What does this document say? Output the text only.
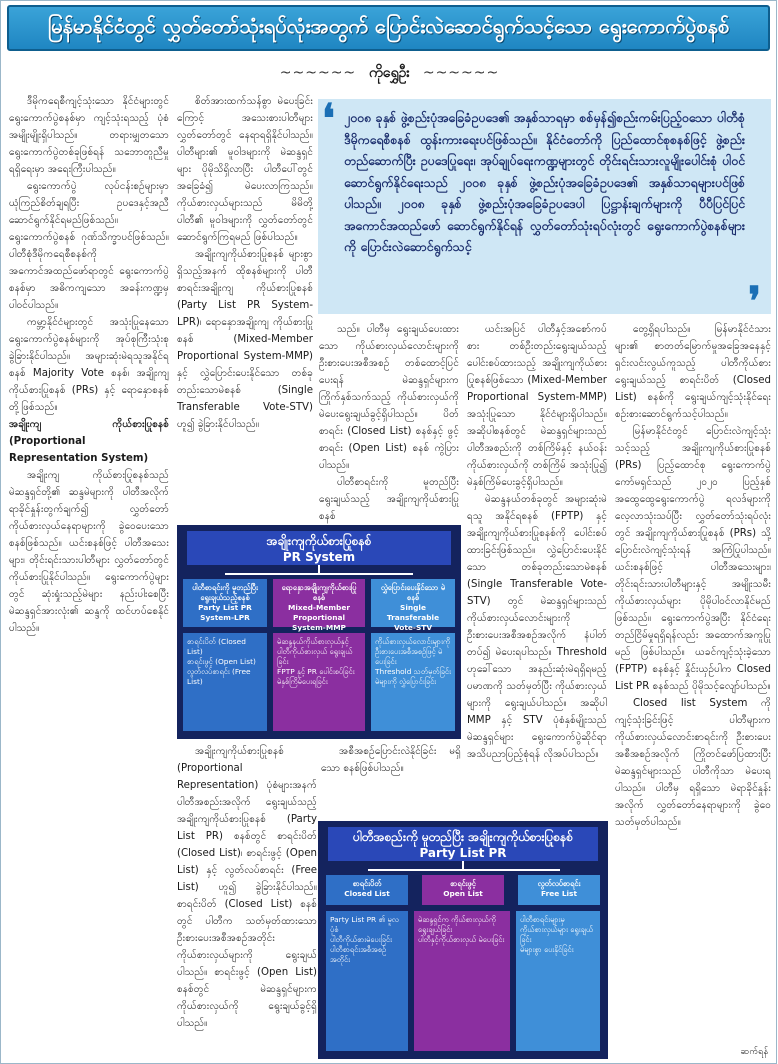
မြန်မာနိုင်ငံတွင် လွှတ်တော်သုံးရပ်လုံးအတွက် ပြောင်းလဲဆောင်ရွက်သင့်သော ရွေးကောက်ပွဲစနစ်
~~~~~~ ကိုရွှေဦး ~~~~~~

ဒီမိုကရေစီကျင့်သုံးသော နိုင်ငံများတွင် ရွေးကောက်ပွဲစနစ်မှာ ကျင့်သုံးရသည့် ပုံစံအမျိုးမျိုးရှိပါသည်။ တရားမျှတသော ရွေးကောက်ပွဲတစ်ခုဖြစ်ရန် သဘောတူညီမှုရရှိရေးမှာ အရေးကြီးပါသည်။

ရွေးကောက်ပွဲ လုပ်ငန်းစဉ်များမှာ ယုံကြည်စိတ်ချရပြီး ဥပဒေနှင့်အညီ ဆောင်ရွက်နိုင်ရမည်ဖြစ်သည်။ ရွေးကောက်ပွဲစနစ် ဂုဏ်သိက္ခာပင်ဖြစ်သည်။ ပါတီစုံဒီမိုကရေစီစနစ်ကို အကောင်အထည်ဖော်ရာတွင် ရွေးကောက်ပွဲစနစ်မှာ အဓိကကျသော အခန်းကဏ္ဍမှ ပါဝင်ပါသည်။

ကမ္ဘာ့နိုင်ငံများတွင် အသုံးပြုနေသော ရွေးကောက်ပွဲစနစ်များကို အုပ်စုကြီးသုံးစုခွဲခြားနိုင်ပါသည်။ အများဆုံးမဲရသူအနိုင်ရစနစ် Majority Vote စနစ်၊ အချိုးကျကိုယ်စားပြုစနစ် (PRs) နှင့် ရောနှောစနစ်တို့ဖြစ်သည်။

အချိုးကျ ကိုယ်စားပြုစနစ် (Proportional Representation System)

အချိုးကျ ကိုယ်စားပြုစနစ်သည် မဲဆန္ဒရှင်တို့၏ ဆန္ဒမဲများကို ပါတီအလိုက် ရာခိုင်နှုန်းတွက်ချက်၍ လွှတ်တော်ကိုယ်စားလှယ်နေရာများကို ခွဲဝေပေးသော စနစ်ဖြစ်သည်။ ယင်းစနစ်ဖြင့် ပါတီအသေးများ၊ တိုင်းရင်းသားပါတီများ လွှတ်တော်တွင် ကိုယ်စားပြုနိုင်ပါသည်။ ရွေးကောက်ပွဲများတွင် ဆုံးရှုံးသည့်မဲများ နည်းပါးစေပြီး မဲဆန္ဒရှင်အားလုံး၏ ဆန္ဒကို ထင်ဟပ်စေနိုင်ပါသည်။

စိတ်အားထက်သန်စွာ မဲပေးခြင်းကြောင့် အသေးစားပါတီများ လွှတ်တော်တွင် နေရာရရှိနိုင်ပါသည်။ ပါတီများ၏ မူဝါဒများကို မဲဆန္ဒရှင်များ ပိုမိုသိရှိလာပြီး ပါတီပေါ်တွင် အခြေခံ၍ မဲပေးလာကြသည်။ ကိုယ်စားလှယ်များသည် မိမိတို့ပါတီ၏ မူဝါဒများကို လွှတ်တော်တွင် ဆောင်ရွက်ကြရမည် ဖြစ်ပါသည်။

အချိုးကျကိုယ်စားပြုစနစ် များစွာရှိသည့်အနက် ထိုစနစ်များကို ပါတီစာရင်းအချိုးကျ ကိုယ်စားပြုစနစ် (Party List PR System-LPR)၊ ရောနှောအချိုးကျ ကိုယ်စားပြုစနစ် (Mixed-Member Proportional System-MMP) နှင့် လွှဲပြောင်းပေးနိုင်သော တစ်ခုတည်းသောမဲစနစ် (Single Transferable Vote-STV) ဟူ၍ ခွဲခြားနိုင်ပါသည်။

❛ ၂၀၀၈ ခုနှစ် ဖွဲ့စည်းပုံအခြေခံဥပဒေ၏ အနှစ်သာရမှာ စစ်မှန်၍စည်းကမ်းပြည့်ဝသော ပါတီစုံဒီမိုကရေစီစနစ် ထွန်းကားရေးပင်ဖြစ်သည်။ နိုင်ငံတော်ကို ပြည်ထောင်စုစနစ်ဖြင့် ဖွဲ့စည်းတည်ဆောက်ပြီး ဥပဒေပြုရေး၊ အုပ်ချုပ်ရေးကဏ္ဍများတွင် တိုင်းရင်းသားလူမျိုးပေါင်းစုံ ပါဝင်ဆောင်ရွက်နိုင်ရေးသည် ၂၀၀၈ ခုနှစ် ဖွဲ့စည်းပုံအခြေခံဥပဒေ၏ အနှစ်သာရများပင်ဖြစ်ပါသည်။ ၂၀၀၈ ခုနှစ် ဖွဲ့စည်းပုံအခြေခံဥပဒေပါ ပြဋ္ဌာန်းချက်များကို ပီပီပြင်ပြင် အကောင်အထည်ဖော် ဆောင်ရွက်နိုင်ရန် လွှတ်တော်သုံးရပ်လုံးတွင် ရွေးကောက်ပွဲစနစ်များကို ပြောင်းလဲဆောင်ရွက်သင့်
❜

သည်။ ပါတီမှ ရွေးချယ်ပေးထားသော ကိုယ်စားလှယ်လောင်းများကို ဦးစားပေးအစီအစဉ် တစ်ထောင့်ပြင်ပေးရန် မဲဆန္ဒရှင်များက ကြိုက်နှစ်သက်သည့် ကိုယ်စားလှယ်ကို မဲပေးရွေးချယ်ခွင့်ရှိပါသည်။ ပိတ်စာရင်း (Closed List) စနစ်နှင့် ဖွင့်စာရင်း (Open List) စနစ် ကွဲပြားပါသည်။

ပါတီစာရင်းကို မူတည်ပြီး ရွေးချယ်သည့် အချိုးကျကိုယ်စားပြုစနစ်

ယင်းအပြင် ပါတီနှင့်အစော်ကပ်စား တစ်ဦးတည်းရွေးချယ်သည့် ပေါင်းစပ်ထားသည့် အချိုးကျကိုယ်စားပြုစနစ်ဖြစ်သော (Mixed-Member Proportional System-MMP) အသုံးပြုသော နိုင်ငံများရှိပါသည်။ အဆိုပါစနစ်တွင် မဲဆန္ဒရှင်များသည် ပါတီအစည်းကို တစ်ကြိမ်နှင့် နယ်ဝန်းကိုယ်စားလှယ်ကို တစ်ကြိမ် အသုံးပြု၍ မဲနှစ်ကြိမ်ပေးခွင့်ရှိပါသည်။

မဲဆန္ဒနယ်တစ်ခုတွင် အများဆုံးမဲရသူ အနိုင်ရစနစ် (FPTP) နှင့် အချိုးကျကိုယ်စားပြုစနစ်ကို ပေါင်းစပ်ထားခြင်းဖြစ်သည်။ လွှဲပြောင်းပေးနိုင်သော တစ်ခုတည်းသောမဲစနစ် (Single Transferable Vote-STV) တွင် မဲဆန္ဒရှင်များသည် ကိုယ်စားလှယ်လောင်းများကို ဦးစားပေးအစီအစဉ်အလိုက် နံပါတ်တပ်၍ မဲပေးရပါသည်။ Threshold ဟုခေါ်သော အနည်းဆုံးမဲရရှိရမည့် ပမာဏကို သတ်မှတ်ပြီး ကိုယ်စားလှယ်များကို ရွေးချယ်ပါသည်။ အဆိုပါ MMP နှင့် STV ပုံစံနှစ်မျိုးသည် မဲဆန္ဒရှင်များ ရွေးကောက်ပွဲဆိုင်ရာ အသိပညာပြည့်စုံရန် လိုအပ်ပါသည်။

တွေ့ရှိရပါသည်။ မြန်မာနိုင်ငံသားများ၏ စာတတ်မြောက်မှုအခြေအနေနှင့် ရှင်းလင်းလွယ်ကူသည့် ပါတီကိုယ်စား ရွေးချယ်သည့် စာရင်းပိတ် (Closed List) စနစ်ကို ရွေးချယ်ကျင့်သုံးနိုင်ရေး စဉ်းစားဆောင်ရွက်သင့်ပါသည်။

မြန်မာနိုင်ငံတွင် ပြောင်းလဲကျင့်သုံးသင့်သည့် အချိုးကျကိုယ်စားပြုစနစ် (PRs) ပြည့်ထောင်စု ရွေးကောက်ပွဲကော်မရှင်သည် ၂၀၂၀ ပြည့်နှစ် အထွေထွေရွေးကောက်ပွဲ ရလဒ်များကို လေ့လာသုံးသပ်ပြီး လွှတ်တော်သုံးရပ်လုံးတွင် အချိုးကျကိုယ်စားပြုစနစ် (PRs) သို့ ပြောင်းလဲကျင့်သုံးရန် အကြံပြုပါသည်။ ယင်းစနစ်ဖြင့် ပါတီအသေးများ၊ တိုင်းရင်းသားပါတီများနှင့် အမျိုးသမီးကိုယ်စားလှယ်များ ပိုမိုပါဝင်လာနိုင်မည်ဖြစ်သည်။ ရွေးကောက်ပွဲအပြီး နိုင်ငံရေးတည်ငြိမ်မှုရရှိရန်လည်း အထောက်အကူပြုမည် ဖြစ်ပါသည်။ ယခင်ကျင့်သုံးခဲ့သော (FPTP) စနစ်နှင့် နှိုင်းယှဉ်ပါက Closed List PR စနစ်သည် ပိုမိုသင့်လျော်ပါသည်။

Closed list System ကို ကျင့်သုံးခြင်းဖြင့် ပါတီများက ကိုယ်စားလှယ်လောင်းစာရင်းကို ဦးစားပေးအစီအစဉ်အလိုက် ကြိုတင်ဖော်ပြထားပြီး မဲဆန္ဒရှင်များသည် ပါတီကိုသာ မဲပေးရပါသည်။ ပါတီမှ ရရှိသော မဲရာခိုင်နှုန်းအလိုက် လွှတ်တော်နေရာများကို ခွဲဝေသတ်မှတ်ပါသည်။

အချိုးကျကိုယ်စားပြုစနစ်
PR System
ပါတီစာရင်းကို မူတည်ပြီး ရွေးချယ်သည့်စနစ်
Party List PR System-LPR
ရောနှောအချိုးကျကိုယ်စားပြုစနစ်
Mixed-Member Proportional System-MMP
လွှဲပြောင်းပေးနိုင်သော မဲစနစ်
Single Transferable Vote-STV
စာရင်းပိတ် (Closed List)
စာရင်းဖွင့် (Open List)
လွတ်လပ်စာရင်း (Free List)
မဲဆန္ဒနယ်ကိုယ်စားလှယ်နှင့် ပါတီကိုယ်စားလှယ် ရွေးချယ်ခြင်း
FPTP နှင့် PR ပေါင်းစပ်ခြင်း
မဲနှစ်ကြိမ်ပေးရခြင်း
ကိုယ်စားလှယ်လောင်းများကို ဦးစားပေးအစီအစဉ်ဖြင့် မဲပေးခြင်း
Threshold သတ်မှတ်ခြင်း
မဲများကို လွှဲပြောင်းခြင်း

အချိုးကျကိုယ်စားပြုစနစ် (Proportional Representation) ပုံစံများအနက် ပါတီအစည်းအလိုက် ရွေးချယ်သည့် အချိုးကျကိုယ်စားပြုစနစ် (Party List PR) စနစ်တွင် စာရင်းပိတ် (Closed List)၊ စာရင်းဖွင့် (Open List) နှင့် လွတ်လပ်စာရင်း (Free List) ဟူ၍ ခွဲခြားနိုင်ပါသည်။ စာရင်းပိတ် (Closed List) စနစ်တွင် ပါတီက သတ်မှတ်ထားသော ဦးစားပေးအစီအစဉ်အတိုင်း ကိုယ်စားလှယ်များကို ရွေးချယ်ပါသည်။ စာရင်းဖွင့် (Open List) စနစ်တွင် မဲဆန္ဒရှင်များက ကိုယ်စားလှယ်ကို ရွေးချယ်ခွင့်ရှိပါသည်။

အစီအစဉ်ပြောင်းလဲနိုင်ခြင်း မရှိသော စနစ်ဖြစ်ပါသည်။

ပါတီအစည်းကို မူတည်ပြီး အချိုးကျကိုယ်စားပြုစနစ်
Party List PR
စာရင်းပိတ်
Closed List
စာရင်းဖွင့်
Open List
လွတ်လပ်စာရင်း
Free List
Party List PR ၏ မူလပုံစံ
ပါတီကိုယ်စားမဲပေးခြင်း
ပါတီစာရင်းအစီအစဉ်အတိုင်း
မဲဆန္ဒရှင်က ကိုယ်စားလှယ်ကို ရွေးချယ်ခြင်း
ပါတီနှင့်ကိုယ်စားလှယ် မဲပေးခြင်း
ပါတီစာရင်းများမှ ကိုယ်စားလှယ်များ ရွေးချယ်ခြင်း
မဲများစွာ ပေးနိုင်ခြင်း
ဆက်ရန်
